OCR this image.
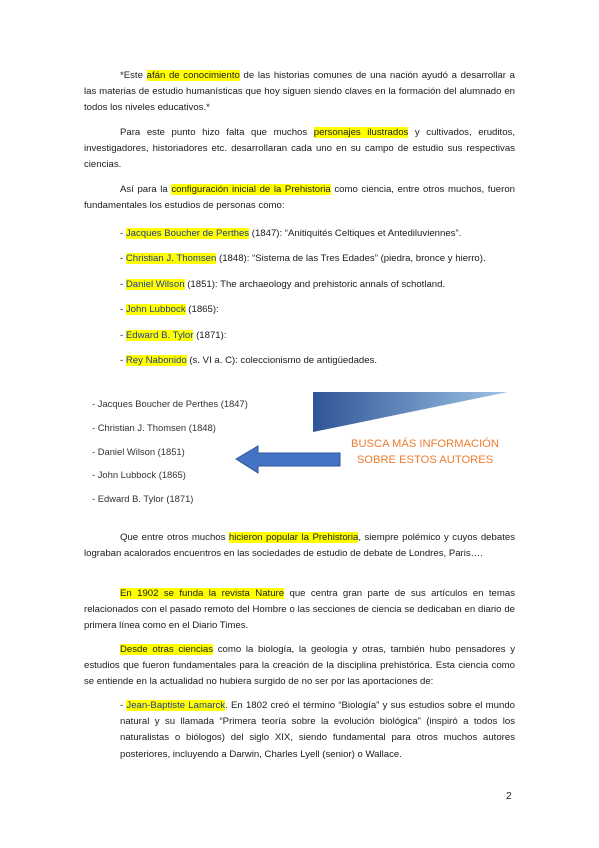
*Este afán de conocimiento de las historias comunes de una nación ayudó a desarrollar a las materias de estudio humanísticas que hoy siguen siendo claves en la formación del alumnado en todos los niveles educativos.*

Para este punto hizo falta que muchos personajes ilustrados y cultivados, eruditos, investigadores, historiadores etc. desarrollaran cada uno en su campo de estudio sus respectivas ciencias.

Así para la configuración inicial de la Prehistoria como ciencia, entre otros muchos, fueron fundamentales los estudios de personas como:

- Jacques Boucher de Perthes (1847): “Anitiquités Celtiques et Antediluviennes”.
- Christian J. Thomsen (1848): “Sistema de las Tres Edades” (piedra, bronce y hierro).
- Daniel Wilson (1851): The archaeology and prehistoric annals of schotland.
- John Lubbock (1865):
- Edward B. Tylor (1871):
- Rey Nabonido (s. VI a. C): coleccionismo de antigüedades.
- Jacques Boucher de Perthes (1847)
- Christian J. Thomsen (1848)
- Daniel Wilson (1851)
- John Lubbock (1865)
- Edward B. Tylor (1871)
BUSCA MÁS INFORMACIÓN
SOBRE ESTOS AUTORES

Que entre otros muchos hicieron popular la Prehistoria, siempre polémico y cuyos debates lograban acalorados encuentros en las sociedades de estudio de debate de Londres, Paris….

En 1902 se funda la revista Nature que centra gran parte de sus artículos en temas relacionados con el pasado remoto del Hombre o las secciones de ciencia se dedicaban en diario de primera línea como en el Diario Times.

Desde otras ciencias como la biología, la geología y otras, también hubo pensadores y estudios que fueron fundamentales para la creación de la disciplina prehistórica. Esta ciencia como se entiende en la actualidad no hubiera surgido de no ser por las aportaciones de:

- Jean-Baptiste Lamarck. En 1802 creó el término “Biología” y sus estudios sobre el mundo natural y su llamada “Primera teoría sobre la evolución biológica” (inspiró a todos los naturalistas o biólogos) del siglo XIX, siendo fundamental para otros muchos autores posteriores, incluyendo a Darwin, Charles Lyell (senior) o Wallace.

2
